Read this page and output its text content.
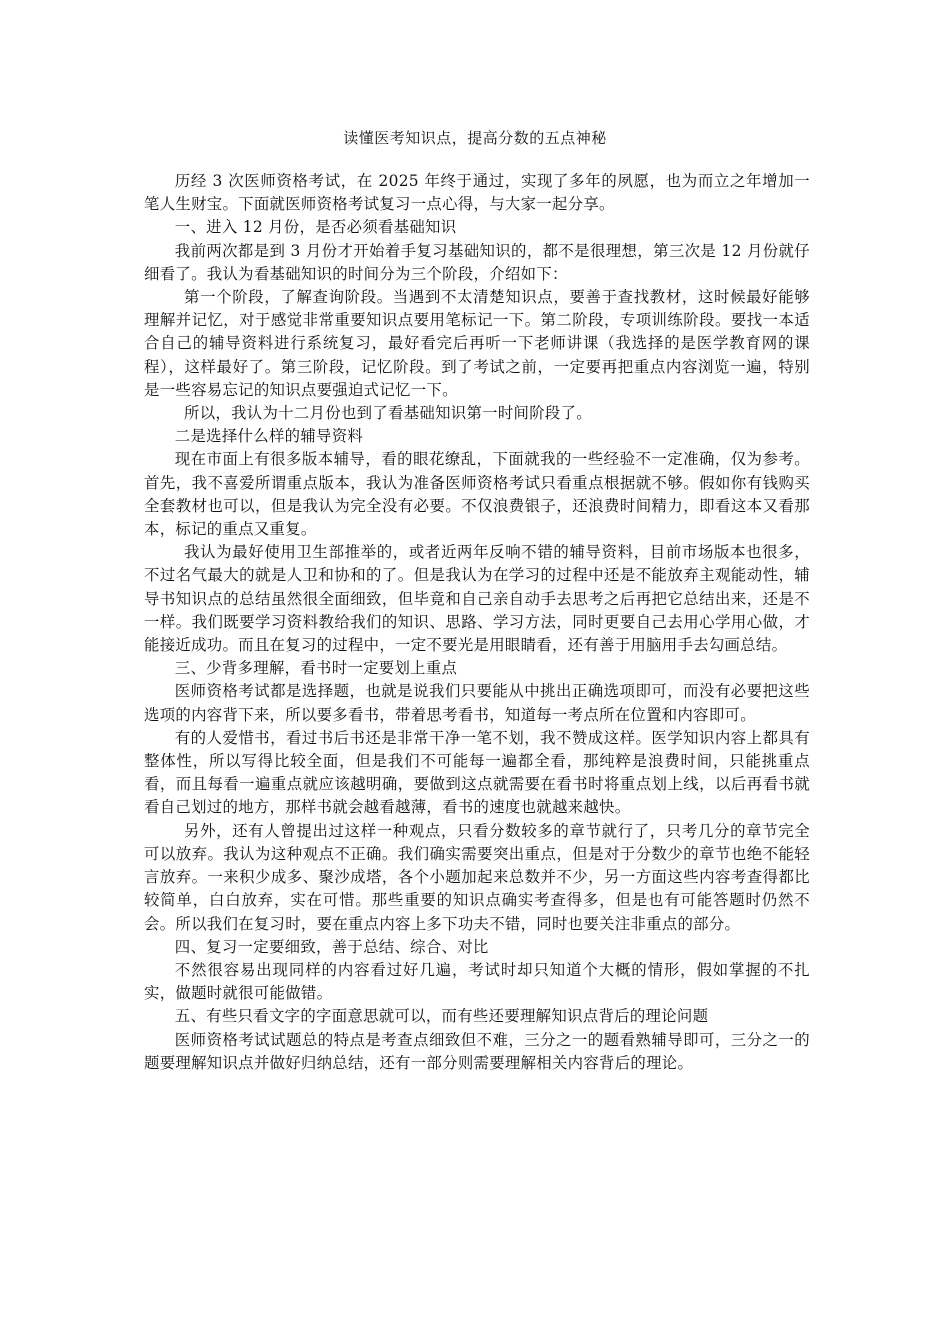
读懂医考知识点，提高分数的五点神秘

历经 3 次医师资格考试，在 2025 年终于通过，实现了多年的夙愿，也为而立之年增加一笔人生财宝。下面就医师资格考试复习一点心得，与大家一起分享。

一、进入 12 月份，是否必须看基础知识

我前两次都是到 3 月份才开始着手复习基础知识的，都不是很理想，第三次是 12 月份就仔细看了。我认为看基础知识的时间分为三个阶段，介绍如下：

第一个阶段，了解查询阶段。当遇到不太清楚知识点，要善于查找教材，这时候最好能够理解并记忆，对于感觉非常重要知识点要用笔标记一下。第二阶段，专项训练阶段。要找一本适合自己的辅导资料进行系统复习，最好看完后再听一下老师讲课（我选择的是医学教育网的课程），这样最好了。第三阶段，记忆阶段。到了考试之前，一定要再把重点内容浏览一遍，特别是一些容易忘记的知识点要强迫式记忆一下。

所以，我认为十二月份也到了看基础知识第一时间阶段了。

二是选择什么样的辅导资料

现在市面上有很多版本辅导，看的眼花缭乱，下面就我的一些经验不一定准确，仅为参考。首先，我不喜爱所谓重点版本，我认为准备医师资格考试只看重点根据就不够。假如你有钱购买全套教材也可以，但是我认为完全没有必要。不仅浪费银子，还浪费时间精力，即看这本又看那本，标记的重点又重复。

我认为最好使用卫生部推举的，或者近两年反响不错的辅导资料，目前市场版本也很多，不过名气最大的就是人卫和协和的了。但是我认为在学习的过程中还是不能放弃主观能动性，辅导书知识点的总结虽然很全面细致，但毕竟和自己亲自动手去思考之后再把它总结出来，还是不一样。我们既要学习资料教给我们的知识、思路、学习方法，同时更要自己去用心学用心做，才能接近成功。而且在复习的过程中，一定不要光是用眼睛看，还有善于用脑用手去勾画总结。

三、少背多理解，看书时一定要划上重点

医师资格考试都是选择题，也就是说我们只要能从中挑出正确选项即可，而没有必要把这些选项的内容背下来，所以要多看书，带着思考看书，知道每一考点所在位置和内容即可。

有的人爱惜书，看过书后书还是非常干净一笔不划，我不赞成这样。医学知识内容上都具有整体性，所以写得比较全面，但是我们不可能每一遍都全看，那纯粹是浪费时间，只能挑重点看，而且每看一遍重点就应该越明确，要做到这点就需要在看书时将重点划上线，以后再看书就看自己划过的地方，那样书就会越看越薄，看书的速度也就越来越快。

另外，还有人曾提出过这样一种观点，只看分数较多的章节就行了，只考几分的章节完全可以放弃。我认为这种观点不正确。我们确实需要突出重点，但是对于分数少的章节也绝不能轻言放弃。一来积少成多、聚沙成塔，各个小题加起来总数并不少，另一方面这些内容考查得都比较简单，白白放弃，实在可惜。那些重要的知识点确实考查得多，但是也有可能答题时仍然不会。所以我们在复习时，要在重点内容上多下功夫不错，同时也要关注非重点的部分。

四、复习一定要细致，善于总结、综合、对比

不然很容易出现同样的内容看过好几遍，考试时却只知道个大概的情形，假如掌握的不扎实，做题时就很可能做错。

五、有些只看文字的字面意思就可以，而有些还要理解知识点背后的理论问题

医师资格考试试题总的特点是考查点细致但不难，三分之一的题看熟辅导即可，三分之一的题要理解知识点并做好归纳总结，还有一部分则需要理解相关内容背后的理论。
